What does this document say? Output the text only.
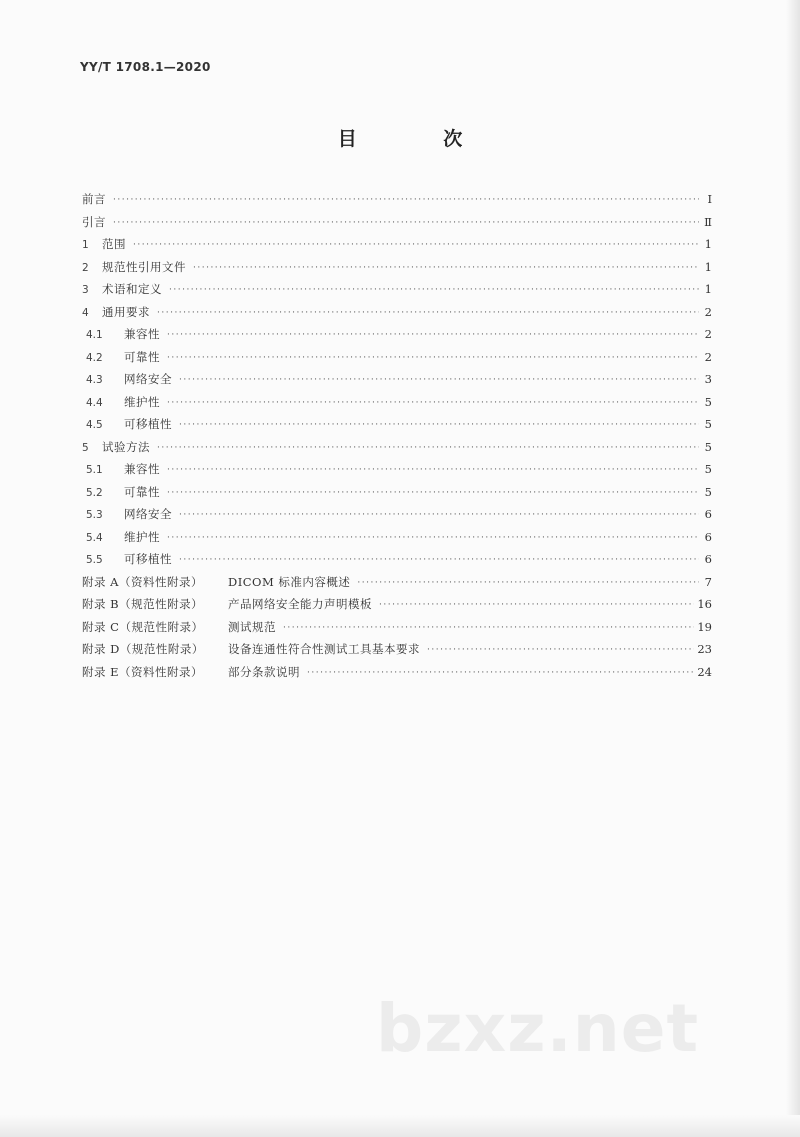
YY/T 1708.1—2020
目 次
前言 ·····	Ⅰ
引言 ·····	Ⅱ
1	范围 ·····	1
2	规范性引用文件 ·····	1
3	术语和定义 ·····	1
4	通用要求 ·····	2
4.1	兼容性 ·····	2
4.2	可靠性 ·····	2
4.3	网络安全 ·····	3
4.4	维护性 ·····	5
4.5	可移植性 ·····	5
5	试验方法 ·····	5
5.1	兼容性 ·····	5
5.2	可靠性 ·····	5
5.3	网络安全 ·····	6
5.4	维护性 ·····	6
5.5	可移植性 ·····	6
附录 A（资料性附录）	DICOM 标准内容概述 ·····	7
附录 B（规范性附录）	产品网络安全能力声明模板 ·····	16
附录 C（规范性附录）	测试规范 ·····	19
附录 D（规范性附录）	设备连通性符合性测试工具基本要求 ·····	23
附录 E（资料性附录）	部分条款说明 ·····	24
bzxz.net
